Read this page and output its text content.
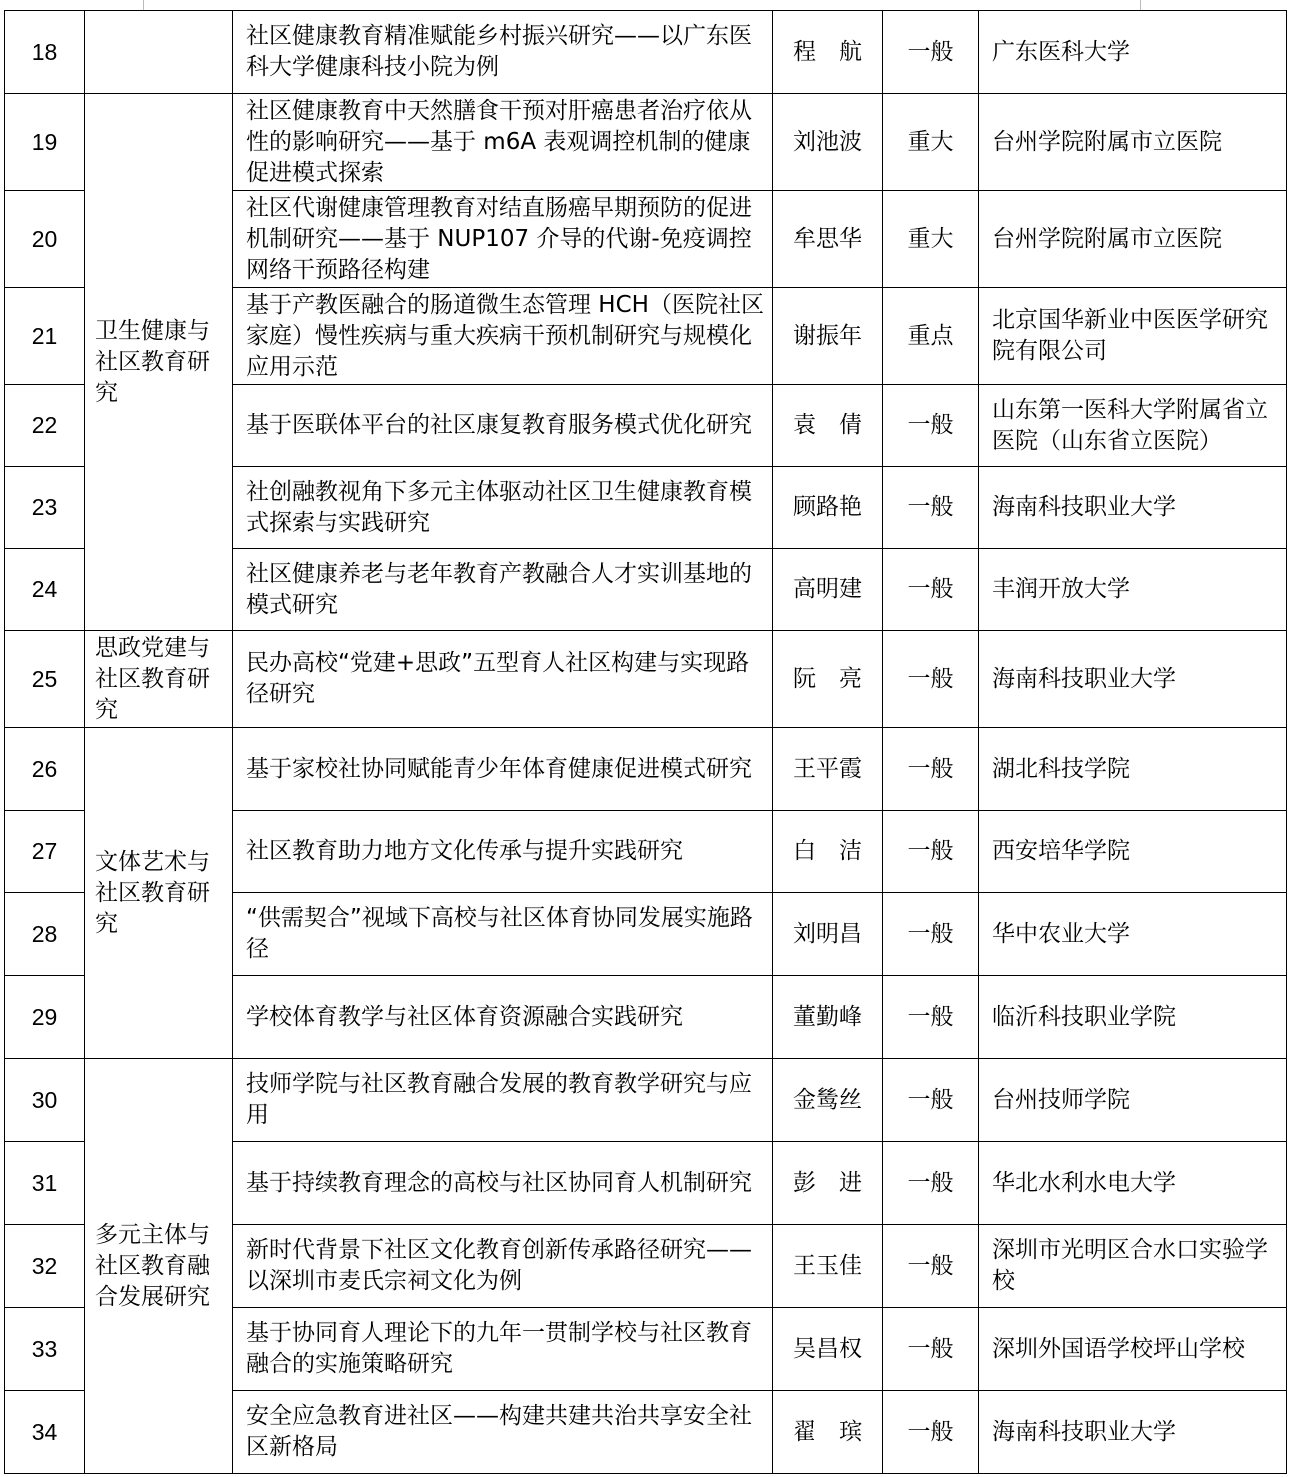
18		社区健康教育精准赋能乡村振兴研究——以广东医科大学健康科技小院为例	程　航	一般	广东医科大学
19	卫生健康与社区教育研究	社区健康教育中天然膳食干预对肝癌患者治疗依从性的影响研究——基于 m6A 表观调控机制的健康促进模式探索	刘池波	重大	台州学院附属市立医院
20		社区代谢健康管理教育对结直肠癌早期预防的促进机制研究——基于 NUP107 介导的代谢-免疫调控网络干预路径构建	牟思华	重大	台州学院附属市立医院
21		基于产教医融合的肠道微生态管理 HCH（医院社区家庭）慢性疾病与重大疾病干预机制研究与规模化应用示范	谢振年	重点	北京国华新业中医医学研究院有限公司
22		基于医联体平台的社区康复教育服务模式优化研究	袁　倩	一般	山东第一医科大学附属省立医院（山东省立医院）
23		社创融教视角下多元主体驱动社区卫生健康教育模式探索与实践研究	顾路艳	一般	海南科技职业大学
24		社区健康养老与老年教育产教融合人才实训基地的模式研究	高明建	一般	丰润开放大学
25	思政党建与社区教育研究	民办高校“党建+思政”五型育人社区构建与实现路径研究	阮　亮	一般	海南科技职业大学
26	文体艺术与社区教育研究	基于家校社协同赋能青少年体育健康促进模式研究	王平霞	一般	湖北科技学院
27		社区教育助力地方文化传承与提升实践研究	白　洁	一般	西安培华学院
28		“供需契合”视域下高校与社区体育协同发展实施路径	刘明昌	一般	华中农业大学
29		学校体育教学与社区体育资源融合实践研究	董勤峰	一般	临沂科技职业学院
30	多元主体与社区教育融合发展研究	技师学院与社区教育融合发展的教育教学研究与应用	金鸶丝	一般	台州技师学院
31		基于持续教育理念的高校与社区协同育人机制研究	彭　进	一般	华北水利水电大学
32		新时代背景下社区文化教育创新传承路径研究——以深圳市麦氏宗祠文化为例	王玉佳	一般	深圳市光明区合水口实验学校
33		基于协同育人理论下的九年一贯制学校与社区教育融合的实施策略研究	吴昌权	一般	深圳外国语学校坪山学校
34		安全应急教育进社区——构建共建共治共享安全社区新格局	翟　瑸	一般	海南科技职业大学
